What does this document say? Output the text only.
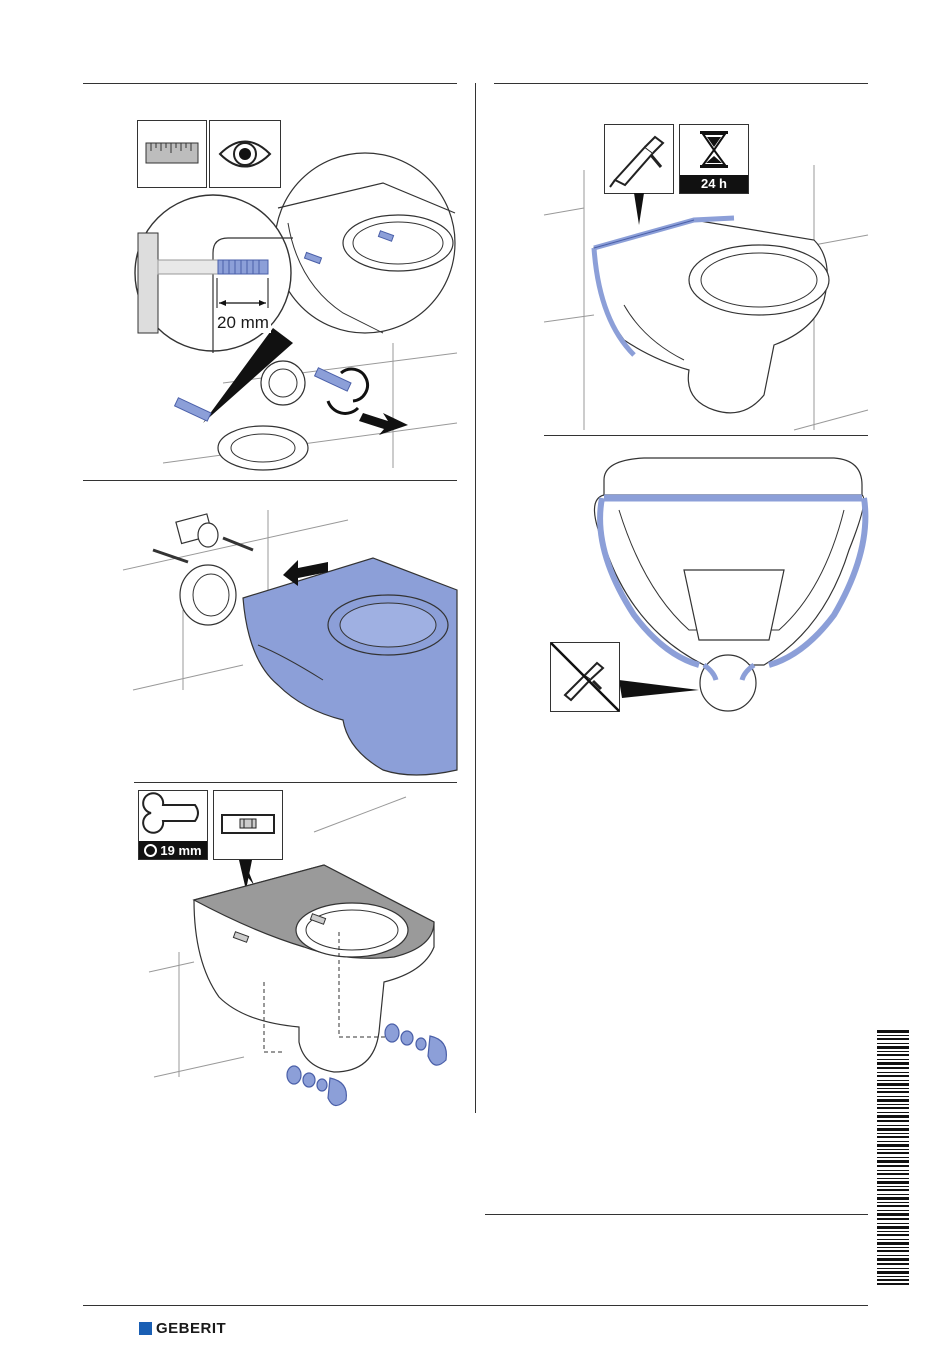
20 mm
19 mm
24 h
GEBERIT
